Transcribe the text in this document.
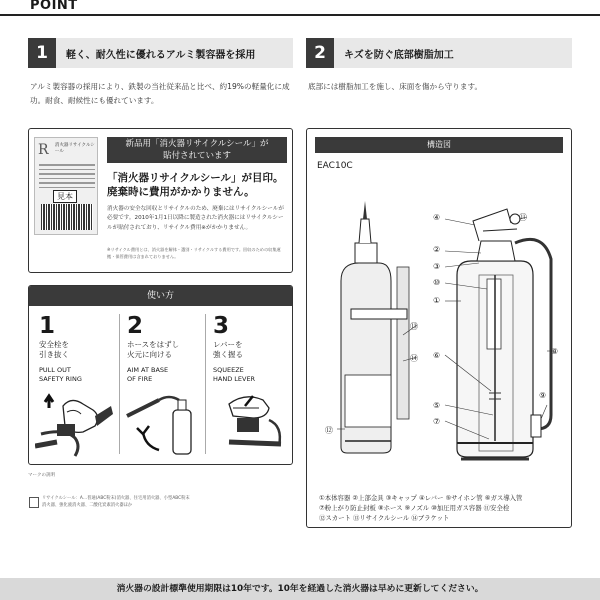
POINT
1	軽く、耐久性に優れるアルミ製容器を採用
アルミ製容器の採用により、鉄製の当社従来品と比べ、約19%の軽量化に成功。耐食、耐候性にも優れています。
2	キズを防ぐ底部樹脂加工
底部には樹脂加工を施し、床面を傷から守ります。
R 消火器リサイクルシール
見本
新品用「消火器リサイクルシール」が
貼付されています
「消火器リサイクルシール」が目印。
廃棄時に費用がかかりません。
消火器の安全な回収とリサイクルのため、廃棄にはリサイクルシールが必要です。2010年1月1日以降に製造された消火器にはリサイクルシールが貼付されており、リサイクル費用※がかかりません。
※リサイクル費用とは、消火器を解体・選別・リサイクルする費用です。回収のための収集運搬・保管費用は含まれておりません。
使い方
1
安全栓を
引き抜く
PULL OUT
SAFETY RING
2
ホースをはずし
火元に向ける
AIM AT BASE
OF FIRE
3
レバーを
強く握る
SQUEEZE
HAND LEVER
マークの説明
リサイクルシール：A…普通(ABC粉末)消火器、住宅用消火器、小型ABC粉末消火器、強化液消火器、二酸化炭素消火器ほか
構造図
EAC10C
④
②
③
⑩
①
⑪
⑬
⑭ ⑥	⑧
⑤
⑦
⑨
⑫
①本体容器 ②上部金具 ③キャップ ④レバー ⑤サイホン管 ⑥ガス導入管
⑦粉上がり防止封板 ⑧ホース ⑨ノズル ⑩加圧用ガス容器 ⑪安全栓
⑫スカート ⑬リサイクルシール ⑭ブラケット
消火器の設計標準使用期限は10年です。10年を経過した消火器は早めに更新してください。
